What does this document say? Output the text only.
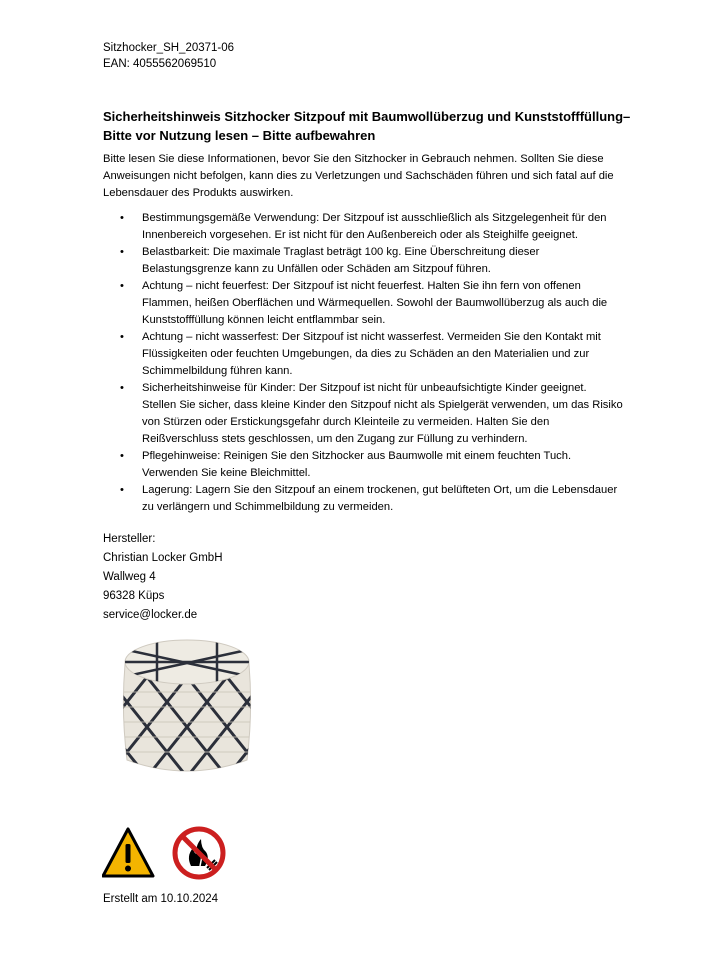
Sitzhocker_SH_20371-06
EAN: 4055562069510
Sicherheitshinweis Sitzhocker Sitzpouf mit Baumwollüberzug und Kunststofffüllung– Bitte vor Nutzung lesen – Bitte aufbewahren

Bitte lesen Sie diese Informationen, bevor Sie den Sitzhocker in Gebrauch nehmen. Sollten Sie diese Anweisungen nicht befolgen, kann dies zu Verletzungen und Sachschäden führen und sich fatal auf die Lebensdauer des Produkts auswirken.

• Bestimmungsgemäße Verwendung: Der Sitzpouf ist ausschließlich als Sitzgelegenheit für den Innenbereich vorgesehen. Er ist nicht für den Außenbereich oder als Steighilfe geeignet.
• Belastbarkeit: Die maximale Traglast beträgt 100 kg. Eine Überschreitung dieser Belastungsgrenze kann zu Unfällen oder Schäden am Sitzpouf führen.
• Achtung – nicht feuerfest: Der Sitzpouf ist nicht feuerfest. Halten Sie ihn fern von offenen Flammen, heißen Oberflächen und Wärmequellen. Sowohl der Baumwollüberzug als auch die Kunststofffüllung können leicht entflammbar sein.
• Achtung – nicht wasserfest: Der Sitzpouf ist nicht wasserfest. Vermeiden Sie den Kontakt mit Flüssigkeiten oder feuchten Umgebungen, da dies zu Schäden an den Materialien und zur Schimmelbildung führen kann.
• Sicherheitshinweise für Kinder: Der Sitzpouf ist nicht für unbeaufsichtigte Kinder geeignet. Stellen Sie sicher, dass kleine Kinder den Sitzpouf nicht als Spielgerät verwenden, um das Risiko von Stürzen oder Erstickungsgefahr durch Kleinteile zu vermeiden. Halten Sie den Reißverschluss stets geschlossen, um den Zugang zur Füllung zu verhindern.
• Pflegehinweise: Reinigen Sie den Sitzhocker aus Baumwolle mit einem feuchten Tuch. Verwenden Sie keine Bleichmittel.
• Lagerung: Lagern Sie den Sitzpouf an einem trockenen, gut belüfteten Ort, um die Lebensdauer zu verlängern und Schimmelbildung zu vermeiden.
Hersteller:
Christian Locker GmbH
Wallweg 4
96328 Küps
service@locker.de
Erstellt am 10.10.2024
